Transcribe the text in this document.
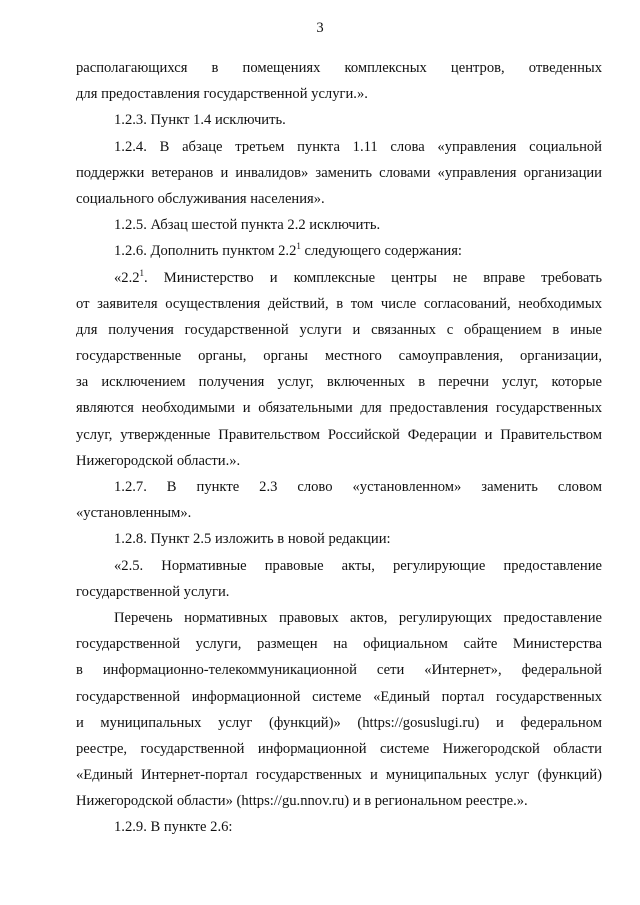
3
располагающихся в помещениях комплексных центров, отведенных
для предоставления государственной услуги.».
1.2.3. Пункт 1.4 исключить.
1.2.4. В абзаце третьем пункта 1.11 слова «управления социальной
поддержки ветеранов и инвалидов» заменить словами «управления организации
социального обслуживания населения».
1.2.5. Абзац шестой пункта 2.2 исключить.
1.2.6. Дополнить пунктом $2.2^1$ следующего содержания:
«$2.2^1$. Министерство и комплексные центры не вправе требовать
от заявителя осуществления действий, в том числе согласований, необходимых
для получения государственной услуги и связанных с обращением в иные
государственные органы, органы местного самоуправления, организации,
за исключением получения услуг, включенных в перечни услуг, которые
являются необходимыми и обязательными для предоставления государственных
услуг, утвержденные Правительством Российской Федерации и Правительством
Нижегородской области.».
1.2.7. В пункте 2.3 слово «установленном» заменить словом
«установленным».
1.2.8. Пункт 2.5 изложить в новой редакции:
«2.5. Нормативные правовые акты, регулирующие предоставление
государственной услуги.
Перечень нормативных правовых актов, регулирующих предоставление
государственной услуги, размещен на официальном сайте Министерства
в информационно-телекоммуникационной сети «Интернет», федеральной
государственной информационной системе «Единый портал государственных
и муниципальных услуг (функций)» (https://gosuslugi.ru) и федеральном
реестре, государственной информационной системе Нижегородской области
«Единый Интернет-портал государственных и муниципальных услуг (функций)
Нижегородской области» (https://gu.nnov.ru) и в региональном реестре.».
1.2.9. В пункте 2.6:
